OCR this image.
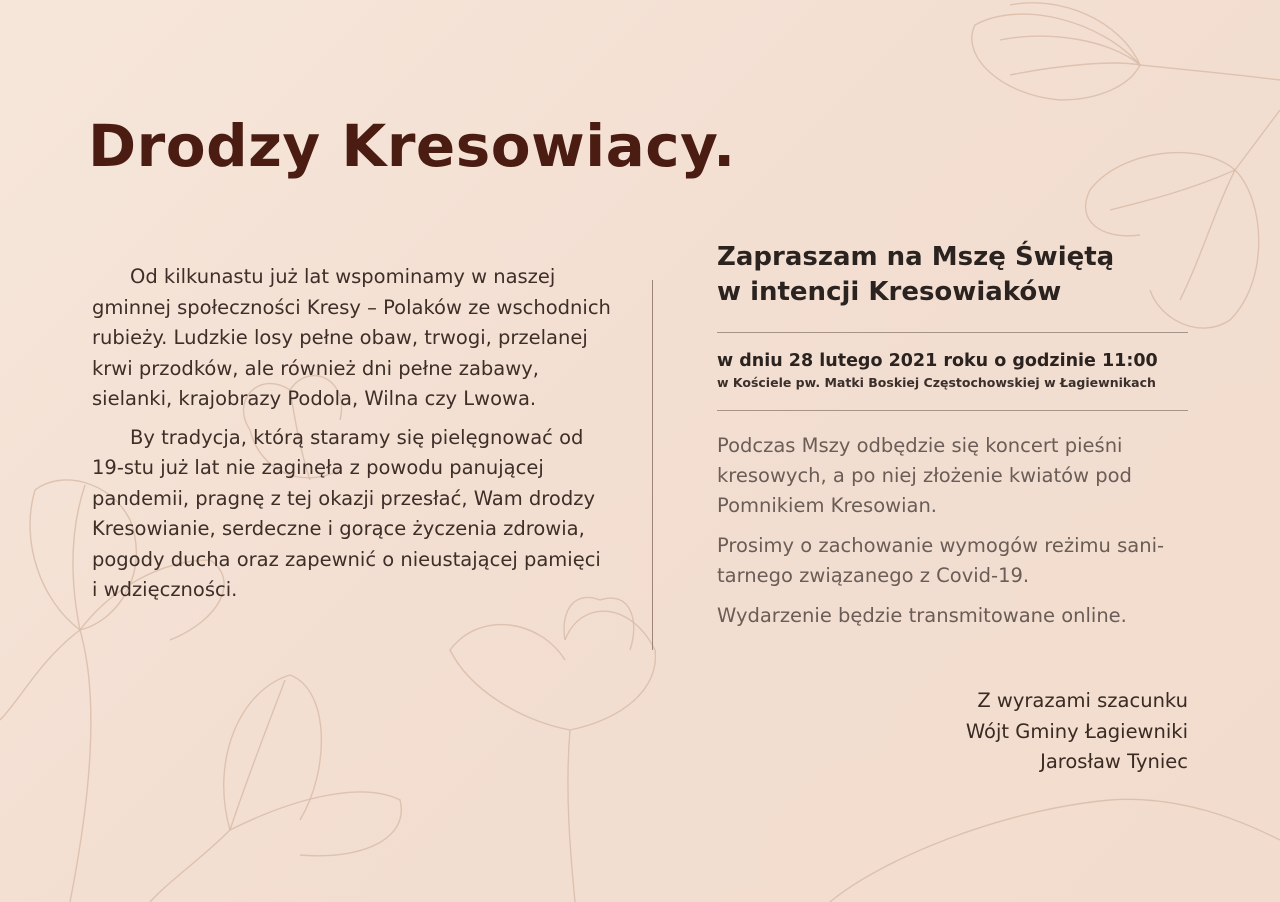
Drodzy Kresowiacy.

Od kilkunastu już lat wspominamy w naszej gminnej społeczności Kresy – Polaków ze wschodnich rubieży. Ludzkie losy pełne obaw, trwogi, przelanej krwi przodków, ale również dni pełne zabawy, sielanki, krajobrazy Podola, Wilna czy Lwowa.

By tradycja, którą staramy się pielęgnować od 19-stu już lat nie zaginęła z powodu panującej pandemii, pragnę z tej okazji przesłać, Wam drodzy Kresowianie, serdeczne i gorące życzenia zdrowia, pogody ducha oraz zapewnić o nieustającej pamięci i wdzięczności.

Zapraszam na Mszę Świętą
w intencji Kresowiaków

w dniu 28 lutego 2021 roku o godzinie 11:00

w Kościele pw. Matki Boskiej Częstochowskiej w Łagiewnikach

Podczas Mszy odbędzie się koncert pieśni kresowych, a po niej złożenie kwiatów pod Pomnikiem Kresowian.

Prosimy o zachowanie wymogów reżimu sani-tarnego związanego z Covid-19.

Wydarzenie będzie transmitowane online.

Z wyrazami szacunku
Wójt Gminy Łagiewniki
Jarosław Tyniec
